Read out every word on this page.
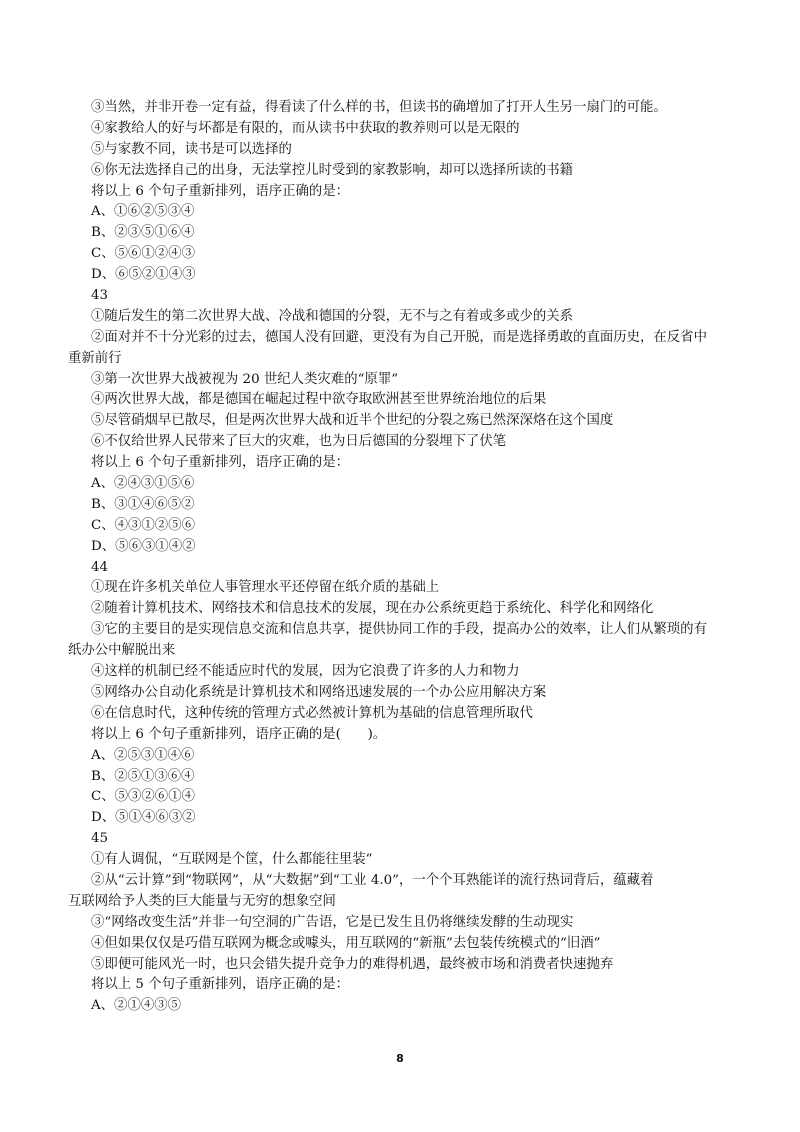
③当然，并非开卷一定有益，得看读了什么样的书，但读书的确增加了打开人生另一扇门的可能。
④家教给人的好与坏都是有限的，而从读书中获取的教养则可以是无限的
⑤与家教不同，读书是可以选择的
⑥你无法选择自己的出身，无法掌控儿时受到的家教影响，却可以选择所读的书籍
将以上 6 个句子重新排列，语序正确的是：
A、①⑥②⑤③④
B、②③⑤①⑥④
C、⑤⑥①②④③
D、⑥⑤②①④③
43
①随后发生的第二次世界大战、冷战和德国的分裂，无不与之有着或多或少的关系
②面对并不十分光彩的过去，德国人没有回避，更没有为自己开脱，而是选择勇敢的直面历史，在反省中
重新前行
③第一次世界大战被视为 20 世纪人类灾难的“原罪”
④两次世界大战，都是德国在崛起过程中欲夺取欧洲甚至世界统治地位的后果
⑤尽管硝烟早已散尽，但是两次世界大战和近半个世纪的分裂之殇已然深深烙在这个国度
⑥不仅给世界人民带来了巨大的灾难，也为日后德国的分裂埋下了伏笔
将以上 6 个句子重新排列，语序正确的是：
A、②④③①⑤⑥
B、③①④⑥⑤②
C、④③①②⑤⑥
D、⑤⑥③①④②
44
①现在许多机关单位人事管理水平还停留在纸介质的基础上
②随着计算机技术、网络技术和信息技术的发展，现在办公系统更趋于系统化、科学化和网络化
③它的主要目的是实现信息交流和信息共享，提供协同工作的手段，提高办公的效率，让人们从繁琐的有
纸办公中解脱出来
④这样的机制已经不能适应时代的发展，因为它浪费了许多的人力和物力
⑤网络办公自动化系统是计算机技术和网络迅速发展的一个办公应用解决方案
⑥在信息时代，这种传统的管理方式必然被计算机为基础的信息管理所取代
将以上 6 个句子重新排列，语序正确的是(　　)。
A、②⑤③①④⑥
B、②⑤①③⑥④
C、⑤③②⑥①④
D、⑤①④⑥③②
45
①有人调侃，“互联网是个筐，什么都能往里装”
②从“云计算”到“物联网”，从“大数据”到“工业 4.0”，一个个耳熟能详的流行热词背后，蕴藏着
互联网给予人类的巨大能量与无穷的想象空间
③“网络改变生活”并非一句空洞的广告语，它是已发生且仍将继续发酵的生动现实
④但如果仅仅是巧借互联网为概念或噱头，用互联网的“新瓶”去包装传统模式的“旧酒”
⑤即便可能风光一时，也只会错失提升竞争力的难得机遇，最终被市场和消费者快速抛弃
将以上 5 个句子重新排列，语序正确的是：
A、②①④③⑤
8
